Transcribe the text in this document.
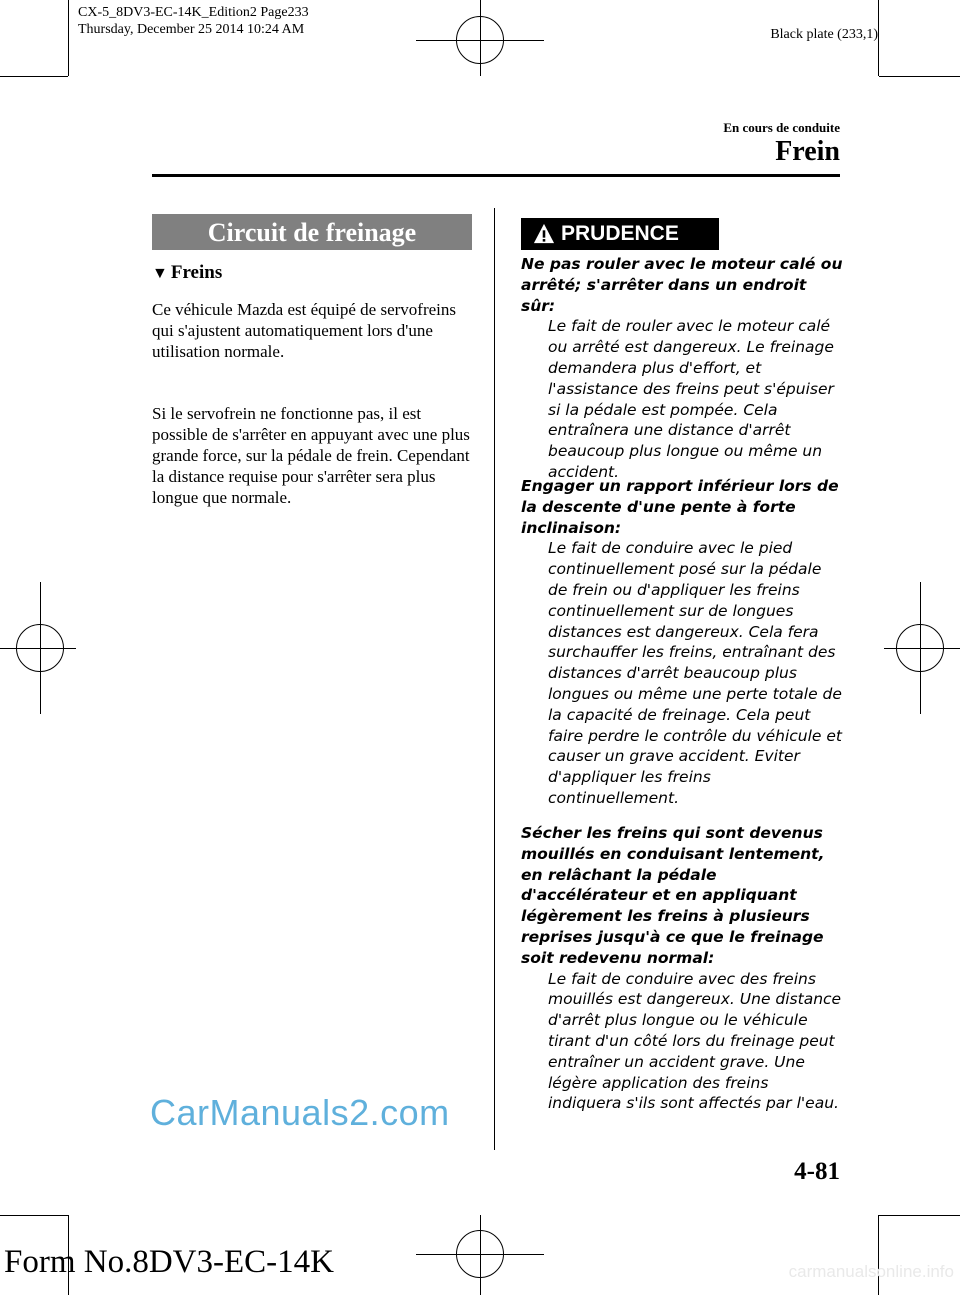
CX-5_8DV3-EC-14K_Edition2 Page233
Thursday, December 25 2014 10:24 AM	Black plate (233,1)
En cours de conduite
Frein
Circuit de freinage
▼ Freins
Ce véhicule Mazda est équipé de servofreins qui s'ajustent automatiquement lors d'une utilisation normale.
Si le servofrein ne fonctionne pas, il est possible de s'arrêter en appuyant avec une plus grande force, sur la pédale de frein. Cependant la distance requise pour s'arrêter sera plus longue que normale.
PRUDENCE
Ne pas rouler avec le moteur calé ou arrêté; s'arrêter dans un endroit sûr:
Le fait de rouler avec le moteur calé ou arrêté est dangereux. Le freinage demandera plus d'effort, et l'assistance des freins peut s'épuiser si la pédale est pompée. Cela entraînera une distance d'arrêt beaucoup plus longue ou même un accident.
Engager un rapport inférieur lors de la descente d'une pente à forte inclinaison:
Le fait de conduire avec le pied continuellement posé sur la pédale de frein ou d'appliquer les freins continuellement sur de longues distances est dangereux. Cela fera surchauffer les freins, entraînant des distances d'arrêt beaucoup plus longues ou même une perte totale de la capacité de freinage. Cela peut faire perdre le contrôle du véhicule et causer un grave accident. Eviter d'appliquer les freins continuellement.
Sécher les freins qui sont devenus mouillés en conduisant lentement, en relâchant la pédale d'accélérateur et en appliquant légèrement les freins à plusieurs reprises jusqu'à ce que le freinage soit redevenu normal:
Le fait de conduire avec des freins mouillés est dangereux. Une distance d'arrêt plus longue ou le véhicule tirant d'un côté lors du freinage peut entraîner un accident grave. Une légère application des freins indiquera s'ils sont affectés par l'eau.
CarManuals2.com
4-81
Form No.8DV3-EC-14K	carmanualsonline.info
